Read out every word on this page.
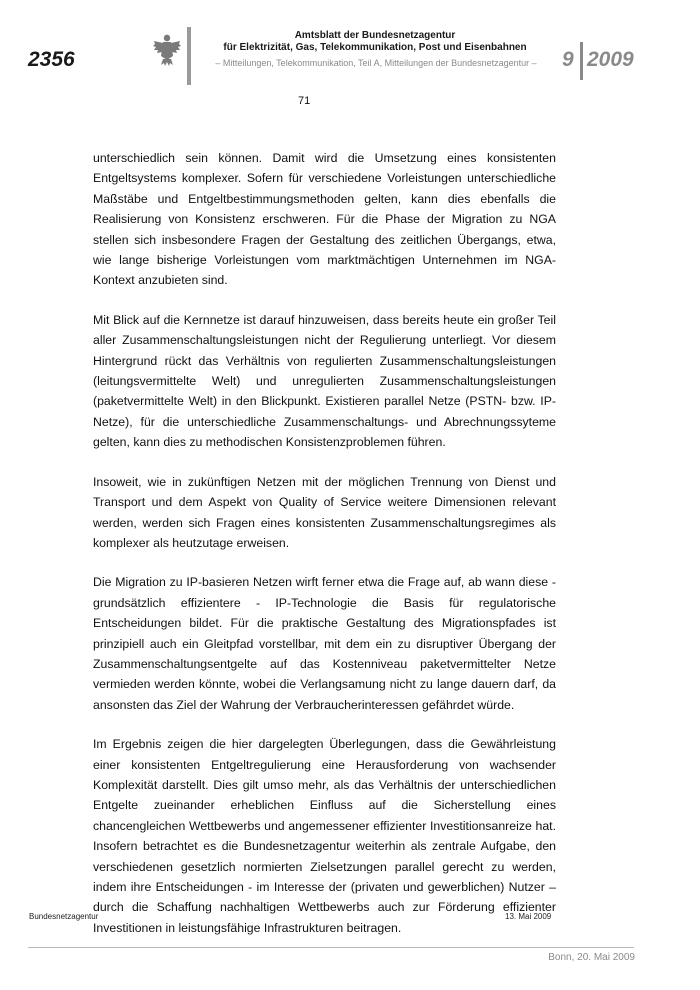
2356
Amtsblatt der Bundesnetzagentur
für Elektrizität, Gas, Telekommunikation, Post und Eisenbahnen
– Mitteilungen, Telekommunikation, Teil A, Mitteilungen der Bundesnetzagentur –	9 2009
71

unterschiedlich sein können. Damit wird die Umsetzung eines konsistenten Entgeltsystems komplexer. Sofern für verschiedene Vorleistungen unterschiedliche Maßstäbe und Entgeltbestimmungsmethoden gelten, kann dies ebenfalls die Realisierung von Konsistenz erschweren. Für die Phase der Migration zu NGA stellen sich insbesondere Fragen der Gestaltung des zeitlichen Übergangs, etwa, wie lange bisherige Vorleistungen vom marktmächtigen Unternehmen im NGA-Kontext anzubieten sind.

Mit Blick auf die Kernnetze ist darauf hinzuweisen, dass bereits heute ein großer Teil aller Zusammenschaltungsleistungen nicht der Regulierung unterliegt. Vor diesem Hintergrund rückt das Verhältnis von regulierten Zusammenschaltungsleistungen (leitungsvermittelte Welt) und unregulierten Zusammenschaltungsleistungen (paketvermittelte Welt) in den Blickpunkt. Existieren parallel Netze (PSTN- bzw. IP-Netze), für die unterschiedliche Zusammenschaltungs- und Abrechnungssyteme gelten, kann dies zu methodischen Konsistenzproblemen führen.

Insoweit, wie in zukünftigen Netzen mit der möglichen Trennung von Dienst und Transport und dem Aspekt von Quality of Service weitere Dimensionen relevant werden, werden sich Fragen eines konsistenten Zusammenschaltungsregimes als komplexer als heutzutage erweisen.

Die Migration zu IP-basieren Netzen wirft ferner etwa die Frage auf, ab wann diese - grundsätzlich effizientere - IP-Technologie die Basis für regulatorische Entscheidungen bildet. Für die praktische Gestaltung des Migrationspfades ist prinzipiell auch ein Gleitpfad vorstellbar, mit dem ein zu disruptiver Übergang der Zusammenschaltungsentgelte auf das Kostenniveau paketvermittelter Netze vermieden werden könnte, wobei die Verlangsamung nicht zu lange dauern darf, da ansonsten das Ziel der Wahrung der Verbraucherinteressen gefährdet würde.

Im Ergebnis zeigen die hier dargelegten Überlegungen, dass die Gewährleistung einer konsistenten Entgeltregulierung eine Herausforderung von wachsender Komplexität darstellt. Dies gilt umso mehr, als das Verhältnis der unterschiedlichen Entgelte zueinander erheblichen Einfluss auf die Sicherstellung eines chancengleichen Wettbewerbs und angemessener effizienter Investitionsanreize hat. Insofern betrachtet es die Bundesnetzagentur weiterhin als zentrale Aufgabe, den verschiedenen gesetzlich normierten Zielsetzungen parallel gerecht zu werden, indem ihre Entscheidungen - im Interesse der (privaten und gewerblichen) Nutzer – durch die Schaffung nachhaltigen Wettbewerbs auch zur Förderung effizienter Investitionen in leistungsfähige Infrastrukturen beitragen.

Bundesnetzagentur	13. Mai 2009
Bonn, 20. Mai 2009
